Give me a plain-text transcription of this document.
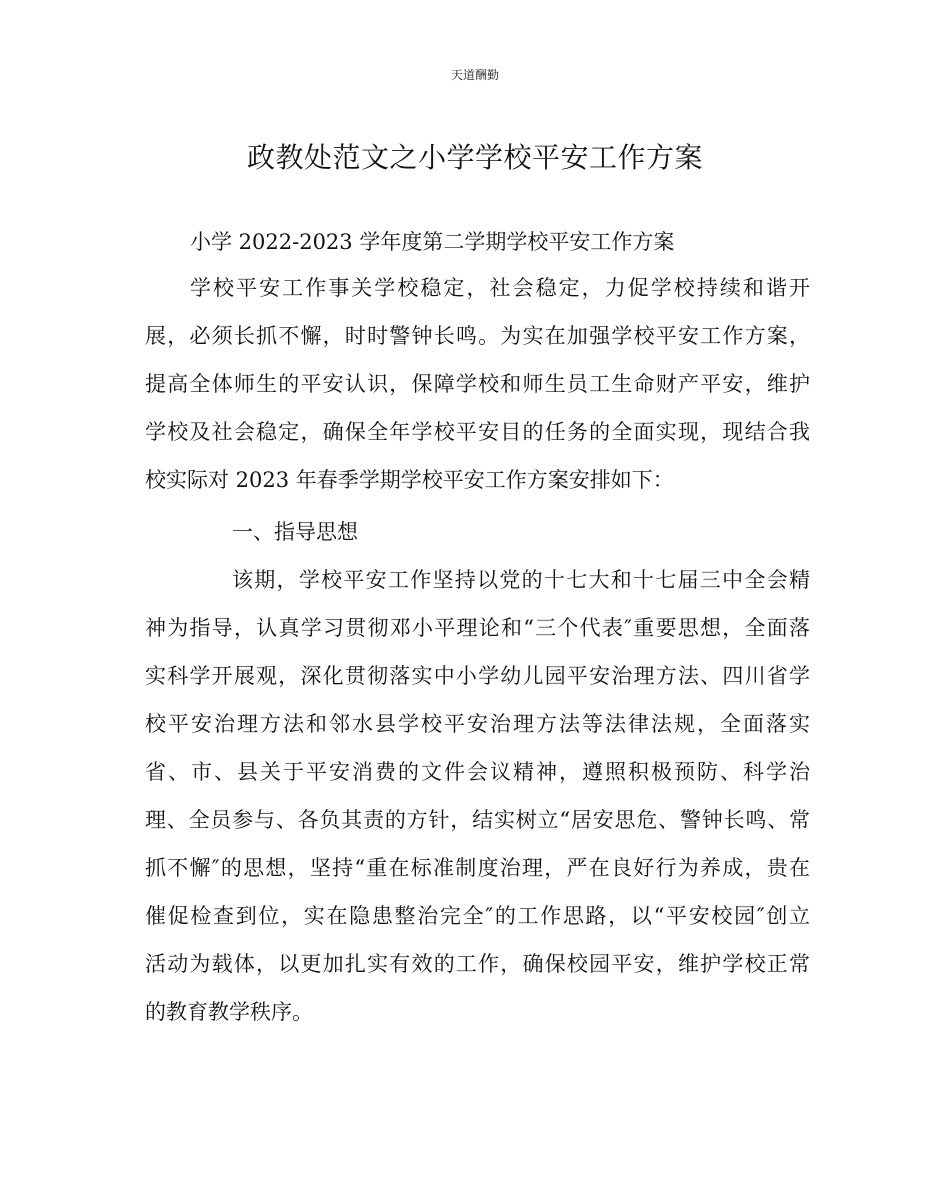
天道酬勤
政教处范文之小学学校平安工作方案
小学 2022-2023 学年度第二学期学校平安工作方案
学校平安工作事关学校稳定，社会稳定，力促学校持续和谐开
展，必须长抓不懈，时时警钟长鸣。为实在加强学校平安工作方案，
提高全体师生的平安认识，保障学校和师生员工生命财产平安，维护
学校及社会稳定，确保全年学校平安目的任务的全面实现，现结合我
校实际对 2023 年春季学期学校平安工作方案安排如下：
一、指导思想
该期，学校平安工作坚持以党的十七大和十七届三中全会精
神为指导，认真学习贯彻邓小平理论和“三个代表″重要思想，全面落
实科学开展观，深化贯彻落实中小学幼儿园平安治理方法、四川省学
校平安治理方法和邻水县学校平安治理方法等法律法规，全面落实
省、市、县关于平安消费的文件会议精神，遵照积极预防、科学治
理、全员参与、各负其责的方针，结实树立“居安思危、警钟长鸣、常
抓不懈″的思想，坚持“重在标准制度治理，严在良好行为养成，贵在
催促检查到位，实在隐患整治完全″的工作思路，以“平安校园″创立
活动为载体，以更加扎实有效的工作，确保校园平安，维护学校正常
的教育教学秩序。
